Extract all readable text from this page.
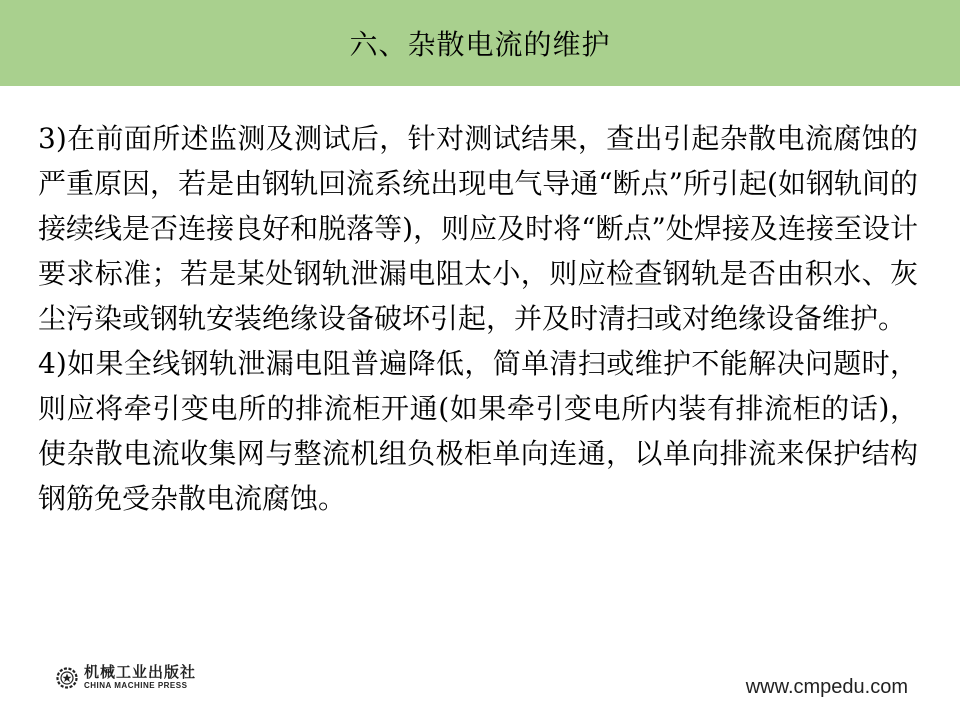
六、杂散电流的维护

3)在前面所述监测及测试后，针对测试结果，查出引起杂散电流腐蚀的严重原因，若是由钢轨回流系统出现电气导通“断点”所引起(如钢轨间的接续线是否连接良好和脱落等)，则应及时将“断点”处焊接及连接至设计要求标准；若是某处钢轨泄漏电阻太小，则应检查钢轨是否由积水、灰尘污染或钢轨安装绝缘设备破坏引起，并及时清扫或对绝缘设备维护。

4)如果全线钢轨泄漏电阻普遍降低，简单清扫或维护不能解决问题时，则应将牵引变电所的排流柜开通(如果牵引变电所内装有排流柜的话)，使杂散电流收集网与整流机组负极柜单向连通，以单向排流来保护结构钢筋免受杂散电流腐蚀。

机械工业出版社
CHINA MACHINE PRESS	www.cmpedu.com
